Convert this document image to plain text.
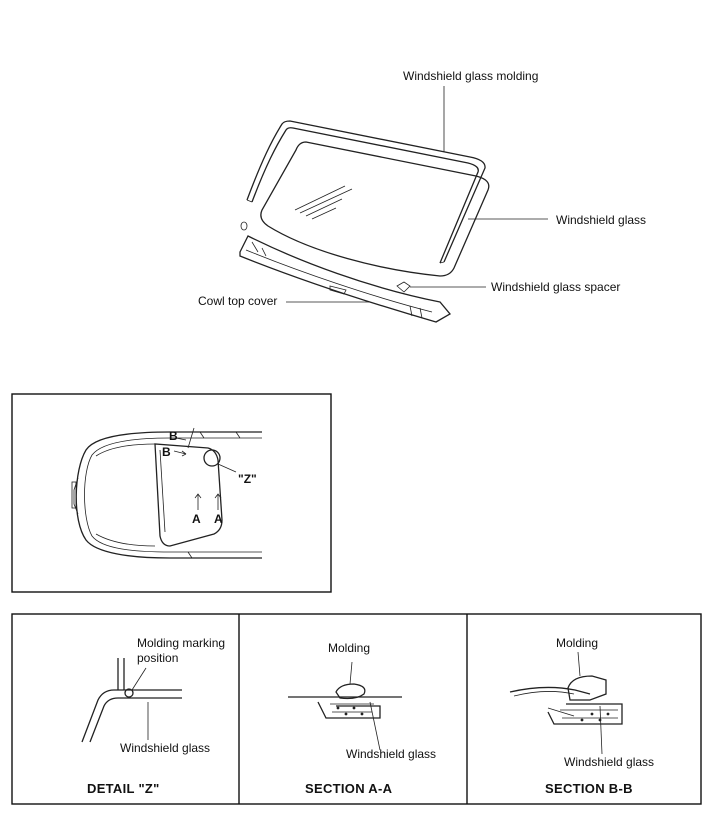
Windshield glass molding
Windshield glass
Windshield glass spacer
Cowl top cover
B
B
"Z"
A A
Molding marking
position
Windshield glass
DETAIL "Z"
Molding
Windshield glass
SECTION A-A
Molding
Windshield glass
SECTION B-B
